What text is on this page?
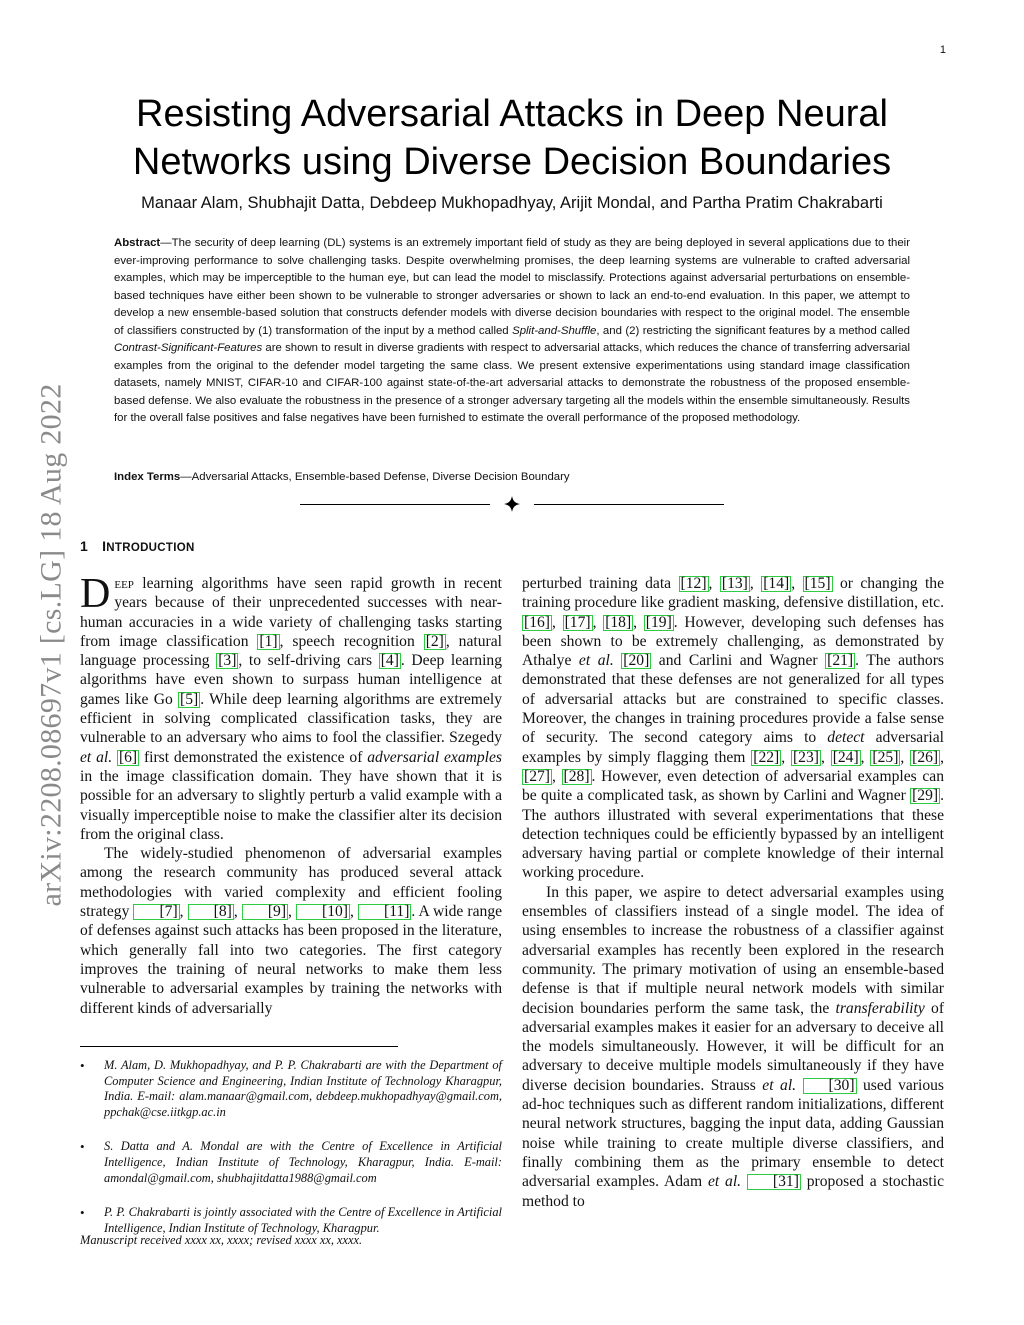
1
arXiv:2208.08697v1 [cs.LG] 18 Aug 2022
Resisting Adversarial Attacks in Deep Neural Networks using Diverse Decision Boundaries
Manaar Alam, Shubhajit Datta, Debdeep Mukhopadhyay, Arijit Mondal, and Partha Pratim Chakrabarti

Abstract—The security of deep learning (DL) systems is an extremely important field of study as they are being deployed in several applications due to their ever-improving performance to solve challenging tasks. Despite overwhelming promises, the deep learning systems are vulnerable to crafted adversarial examples, which may be imperceptible to the human eye, but can lead the model to misclassify. Protections against adversarial perturbations on ensemble-based techniques have either been shown to be vulnerable to stronger adversaries or shown to lack an end-to-end evaluation. In this paper, we attempt to develop a new ensemble-based solution that constructs defender models with diverse decision boundaries with respect to the original model. The ensemble of classifiers constructed by (1) transformation of the input by a method called Split-and-Shuffle, and (2) restricting the significant features by a method called Contrast-Significant-Features are shown to result in diverse gradients with respect to adversarial attacks, which reduces the chance of transferring adversarial examples from the original to the defender model targeting the same class. We present extensive experimentations using standard image classification datasets, namely MNIST, CIFAR-10 and CIFAR-100 against state-of-the-art adversarial attacks to demonstrate the robustness of the proposed ensemble-based defense. We also evaluate the robustness in the presence of a stronger adversary targeting all the models within the ensemble simultaneously. Results for the overall false positives and false negatives have been furnished to estimate the overall performance of the proposed methodology.

Index Terms—Adversarial Attacks, Ensemble-based Defense, Diverse Decision Boundary
1 INTRODUCTION

Deep learning algorithms have seen rapid growth in recent years because of their unprecedented successes with near-human accuracies in a wide variety of challenging tasks starting from image classification [1] , speech recognition [2] , natural language processing [3] , to self-driving cars [4] . Deep learning algorithms have even shown to surpass human intelligence at games like Go [5] . While deep learning algorithms are extremely efficient in solving complicated classification tasks, they are vulnerable to an adversary who aims to fool the classifier. Szegedy et al. [6] first demonstrated the existence of adversarial examples in the image classification domain. They have shown that it is possible for an adversary to slightly perturb a valid example with a visually imperceptible noise to make the classifier alter its decision from the original class.

The widely-studied phenomenon of adversarial examples among the research community has produced several attack methodologies with varied complexity and efficient fooling strategy [7] , [8] , [9] , [10] , [11] . A wide range of defenses against such attacks has been proposed in the literature, which generally fall into two categories. The first category improves the training of neural networks to make them less vulnerable to adversarial examples by training the networks with different kinds of adversarially

perturbed training data [12] , [13] , [14] , [15] or changing the training procedure like gradient masking, defensive distillation, etc. [16] , [17] , [18] , [19] . However, developing such defenses has been shown to be extremely challenging, as demonstrated by Athalye et al. [20] and Carlini and Wagner [21] . The authors demonstrated that these defenses are not generalized for all types of adversarial attacks but are constrained to specific classes. Moreover, the changes in training procedures provide a false sense of security. The second category aims to detect adversarial examples by simply flagging them [22] , [23] , [24] , [25] , [26] , [27] , [28] . However, even detection of adversarial examples can be quite a complicated task, as shown by Carlini and Wagner [29] . The authors illustrated with several experimentations that these detection techniques could be efficiently bypassed by an intelligent adversary having partial or complete knowledge of their internal working procedure.

In this paper, we aspire to detect adversarial examples using ensembles of classifiers instead of a single model. The idea of using ensembles to increase the robustness of a classifier against adversarial examples has recently been explored in the research community. The primary motivation of using an ensemble-based defense is that if multiple neural network models with similar decision boundaries perform the same task, the transferability of adversarial examples makes it easier for an adversary to deceive all the models simultaneously. However, it will be difficult for an adversary to deceive multiple models simultaneously if they have diverse decision boundaries. Strauss et al. [30] used various ad-hoc techniques such as different random initializations, different neural network structures, bagging the input data, adding Gaussian noise while training to create multiple diverse classifiers, and finally combining them as the primary ensemble to detect adversarial examples. Adam et al. [31] proposed a stochastic method to

• M. Alam, D. Mukhopadhyay, and P. P. Chakrabarti are with the Department of Computer Science and Engineering, Indian Institute of Technology Kharagpur, India. E-mail: alam.manaar@gmail.com, debdeep.mukhopadhyay@gmail.com, ppchak@cse.iitkgp.ac.in
• S. Datta and A. Mondal are with the Centre of Excellence in Artificial Intelligence, Indian Institute of Technology, Kharagpur, India. E-mail: amondal@gmail.com, shubhajitdatta1988@gmail.com
• P. P. Chakrabarti is jointly associated with the Centre of Excellence in Artificial Intelligence, Indian Institute of Technology, Kharagpur.
Manuscript received xxxx xx, xxxx; revised xxxx xx, xxxx.
